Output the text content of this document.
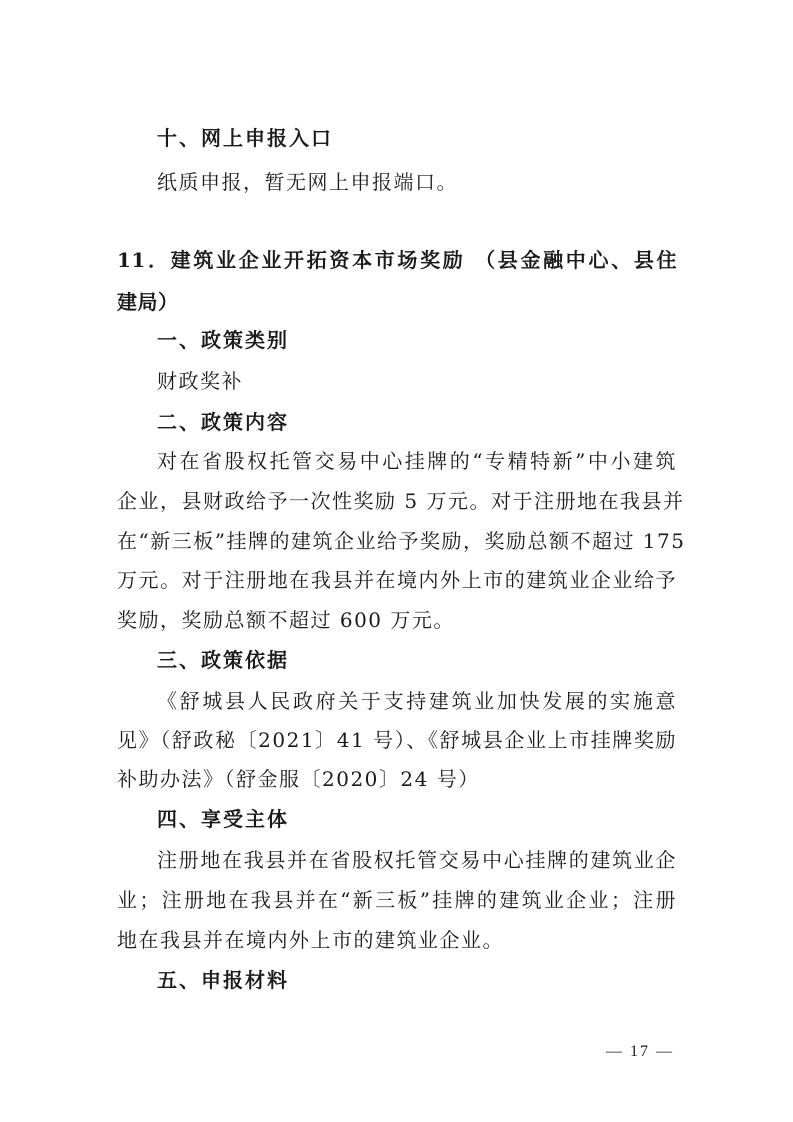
十、网上申报入口
纸质申报，暂无网上申报端口。
11．建筑业企业开拓资本市场奖励 （县金融中心、县住
建局）
一、政策类别
财政奖补
二、政策内容
对在省股权托管交易中心挂牌的“专精特新”中小建筑
企业，县财政给予一次性奖励 5 万元。对于注册地在我县并
在“新三板”挂牌的建筑企业给予奖励，奖励总额不超过 175
万元。对于注册地在我县并在境内外上市的建筑业企业给予
奖励，奖励总额不超过 600 万元。
三、政策依据
《舒城县人民政府关于支持建筑业加快发展的实施意
见》（舒政秘〔2021〕41 号）、《舒城县企业上市挂牌奖励
补助办法》（舒金服〔2020〕24 号）
四、享受主体
注册地在我县并在省股权托管交易中心挂牌的建筑业企
业；注册地在我县并在“新三板”挂牌的建筑业企业；注册
地在我县并在境内外上市的建筑业企业。
五、申报材料
— 17 —
